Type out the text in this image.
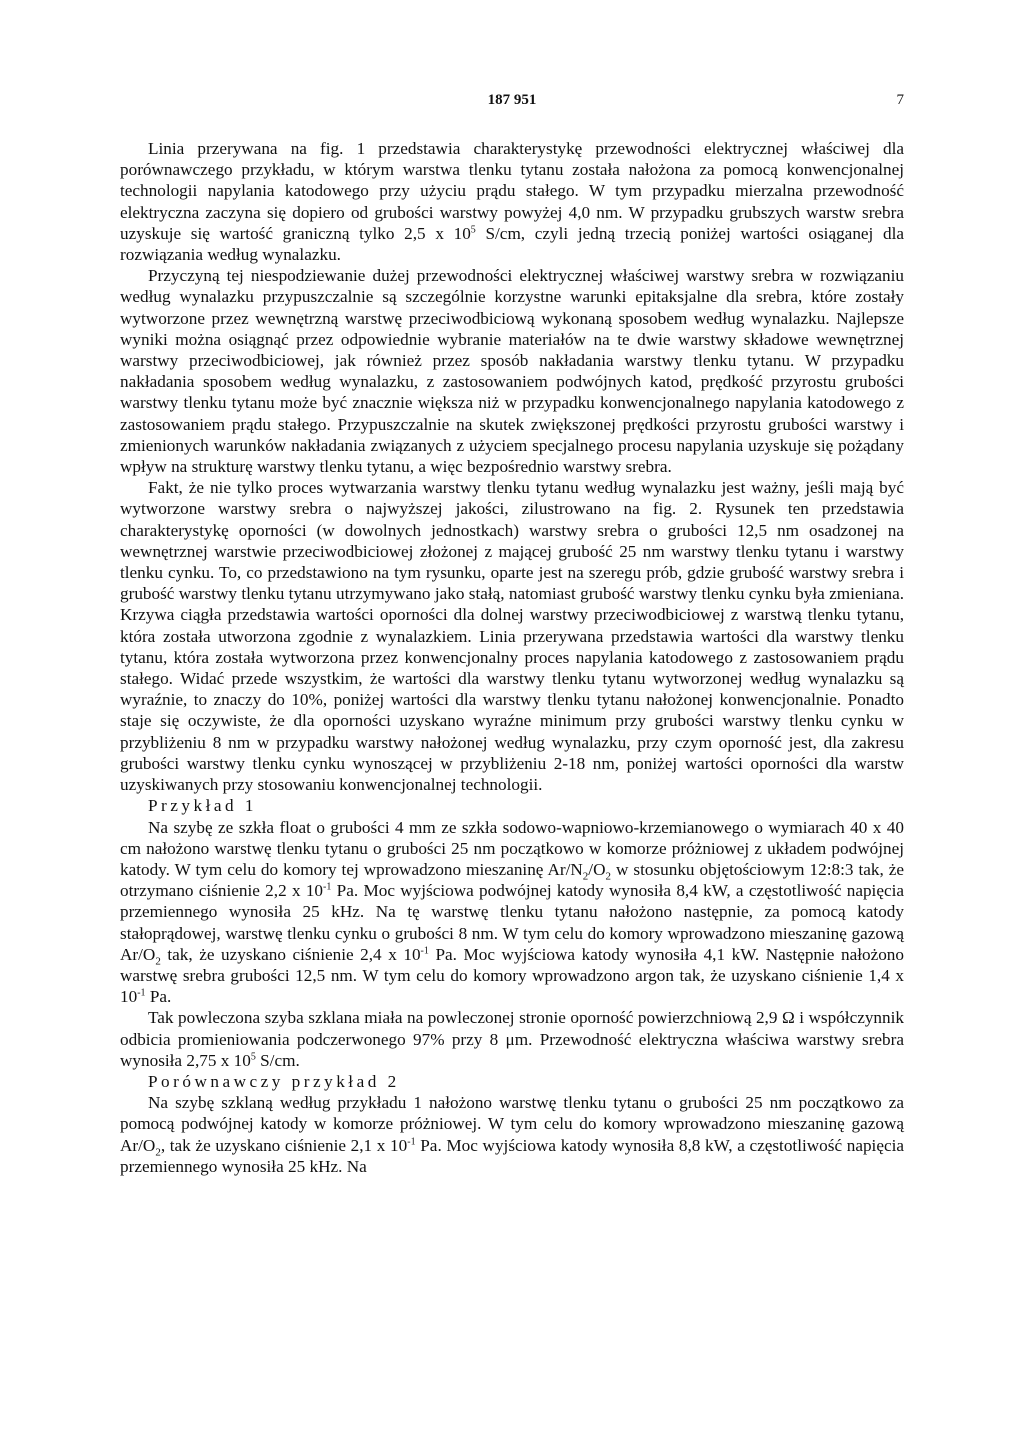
187 951	7

Linia przerywana na fig. 1 przedstawia charakterystykę przewodności elektrycznej właściwej dla porównawczego przykładu, w którym warstwa tlenku tytanu została nałożona za pomocą konwencjonalnej technologii napylania katodowego przy użyciu prądu stałego. W tym przypadku mierzalna przewodność elektryczna zaczyna się dopiero od grubości warstwy powyżej 4,0 nm. W przypadku grubszych warstw srebra uzyskuje się wartość graniczną tylko 2,5 x $10^5$ S/cm, czyli jedną trzecią poniżej wartości osiąganej dla rozwiązania według wynalazku.

Przyczyną tej niespodziewanie dużej przewodności elektrycznej właściwej warstwy srebra w rozwiązaniu według wynalazku przypuszczalnie są szczególnie korzystne warunki epitaksjalne dla srebra, które zostały wytworzone przez wewnętrzną warstwę przeciwodbiciową wykonaną sposobem według wynalazku. Najlepsze wyniki można osiągnąć przez odpowiednie wybranie materiałów na te dwie warstwy składowe wewnętrznej warstwy przeciwodbiciowej, jak również przez sposób nakładania warstwy tlenku tytanu. W przypadku nakładania sposobem według wynalazku, z zastosowaniem podwójnych katod, prędkość przyrostu grubości warstwy tlenku tytanu może być znacznie większa niż w przypadku konwencjonalnego napylania katodowego z zastosowaniem prądu stałego. Przypuszczalnie na skutek zwiększonej prędkości przyrostu grubości warstwy i zmienionych warunków nakładania związanych z użyciem specjalnego procesu napylania uzyskuje się pożądany wpływ na strukturę warstwy tlenku tytanu, a więc bezpośrednio warstwy srebra.

Fakt, że nie tylko proces wytwarzania warstwy tlenku tytanu według wynalazku jest ważny, jeśli mają być wytworzone warstwy srebra o najwyższej jakości, zilustrowano na fig. 2. Rysunek ten przedstawia charakterystykę oporności (w dowolnych jednostkach) warstwy srebra o grubości 12,5 nm osadzonej na wewnętrznej warstwie przeciwodbiciowej złożonej z mającej grubość 25 nm warstwy tlenku tytanu i warstwy tlenku cynku. To, co przedstawiono na tym rysunku, oparte jest na szeregu prób, gdzie grubość warstwy srebra i grubość warstwy tlenku tytanu utrzymywano jako stałą, natomiast grubość warstwy tlenku cynku była zmieniana. Krzywa ciągła przedstawia wartości oporności dla dolnej warstwy przeciwodbiciowej z warstwą tlenku tytanu, która została utworzona zgodnie z wynalazkiem. Linia przerywana przedstawia wartości dla warstwy tlenku tytanu, która została wytworzona przez konwencjonalny proces napylania katodowego z zastosowaniem prądu stałego. Widać przede wszystkim, że wartości dla warstwy tlenku tytanu wytworzonej według wynalazku są wyraźnie, to znaczy do 10%, poniżej wartości dla warstwy tlenku tytanu nałożonej konwencjonalnie. Ponadto staje się oczywiste, że dla oporności uzyskano wyraźne minimum przy grubości warstwy tlenku cynku w przybliżeniu 8 nm w przypadku warstwy nałożonej według wynalazku, przy czym oporność jest, dla zakresu grubości warstwy tlenku cynku wynoszącej w przybliżeniu 2-18 nm, poniżej wartości oporności dla warstw uzyskiwanych przy stosowaniu konwencjonalnej technologii.

Przykład 1

Na szybę ze szkła float o grubości 4 mm ze szkła sodowo-wapniowo-krzemianowego o wymiarach 40 x 40 cm nałożono warstwę tlenku tytanu o grubości 25 nm początkowo w komorze próżniowej z układem podwójnej katody. W tym celu do komory tej wprowadzono mieszaninę $Ar/N_2/O_2$ w stosunku objętościowym 12:8:3 tak, że otrzymano ciśnienie 2,2 x $10^{-1}$ Pa. Moc wyjściowa podwójnej katody wynosiła 8,4 kW, a częstotliwość napięcia przemiennego wynosiła 25 kHz. Na tę warstwę tlenku tytanu nałożono następnie, za pomocą katody stałoprądowej, warstwę tlenku cynku o grubości 8 nm. W tym celu do komory wprowadzono mieszaninę gazową $Ar/O_2$ tak, że uzyskano ciśnienie 2,4 x $10^{-1}$ Pa. Moc wyjściowa katody wynosiła 4,1 kW. Następnie nałożono warstwę srebra grubości 12,5 nm. W tym celu do komory wprowadzono argon tak, że uzyskano ciśnienie 1,4 x $10^{-1}$ Pa.

Tak powleczona szyba szklana miała na powleczonej stronie oporność powierzchniową 2,9 Ω i współczynnik odbicia promieniowania podczerwonego 97% przy 8 μm. Przewodność elektryczna właściwa warstwy srebra wynosiła 2,75 x $10^5$ S/cm.

Porównawczy przykład 2

Na szybę szklaną według przykładu 1 nałożono warstwę tlenku tytanu o grubości 25 nm początkowo za pomocą podwójnej katody w komorze próżniowej. W tym celu do komory wprowadzono mieszaninę gazową $Ar/O_2$, tak że uzyskano ciśnienie 2,1 x $10^{-1}$ Pa. Moc wyjściowa katody wynosiła 8,8 kW, a częstotliwość napięcia przemiennego wynosiła 25 kHz. Na
